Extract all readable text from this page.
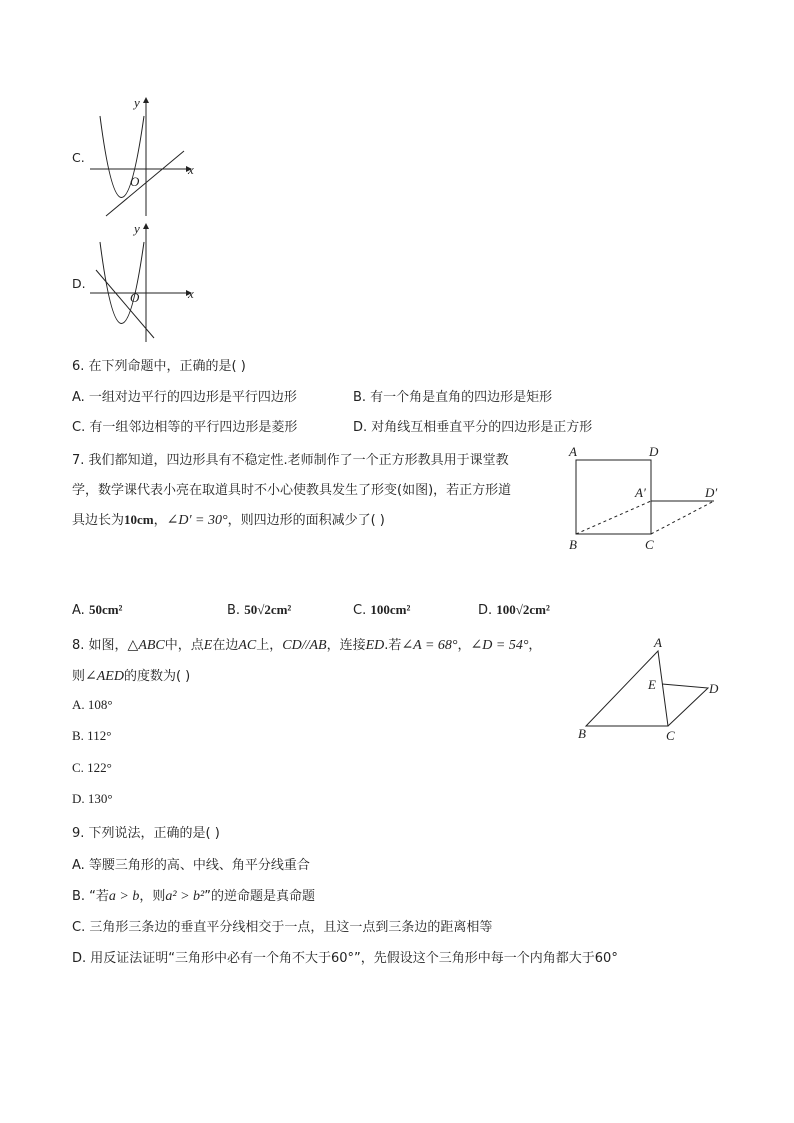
C.
y
x
O
D.
y
x
O
6. 在下列命题中，正确的是( )
A. 一组对边平行的四边形是平行四边形	B. 有一个角是直角的四边形是矩形
C. 有一组邻边相等的平行四边形是菱形	D. 对角线互相垂直平分的四边形是正方形
7. 我们都知道，四边形具有不稳定性.老师制作了一个正方形教具用于课堂教
学，数学课代表小亮在取道具时不小心使教具发生了形变(如图)，若正方形道
具边长为10cm，∠D′ = 30°，则四边形的面积减少了( )
A	D
A′	D′
B	C
A. 50cm²	B. 50√2cm²	C. 100cm²	D. 100√2cm²
8. 如图，△ABC中，点E在边AC上，CD//AB，连接ED.若∠A = 68°，∠D = 54°，
则∠AED的度数为( )
A. 108°
B. 112°
C. 122°
D. 130°
A
E	D
B	C
9. 下列说法，正确的是( )
A. 等腰三角形的高、中线、角平分线重合
B. “若a > b，则a² > b²”的逆命题是真命题
C. 三角形三条边的垂直平分线相交于一点，且这一点到三条边的距离相等
D. 用反证法证明“三角形中必有一个角不大于60°”，先假设这个三角形中每一个内角都大于60°
